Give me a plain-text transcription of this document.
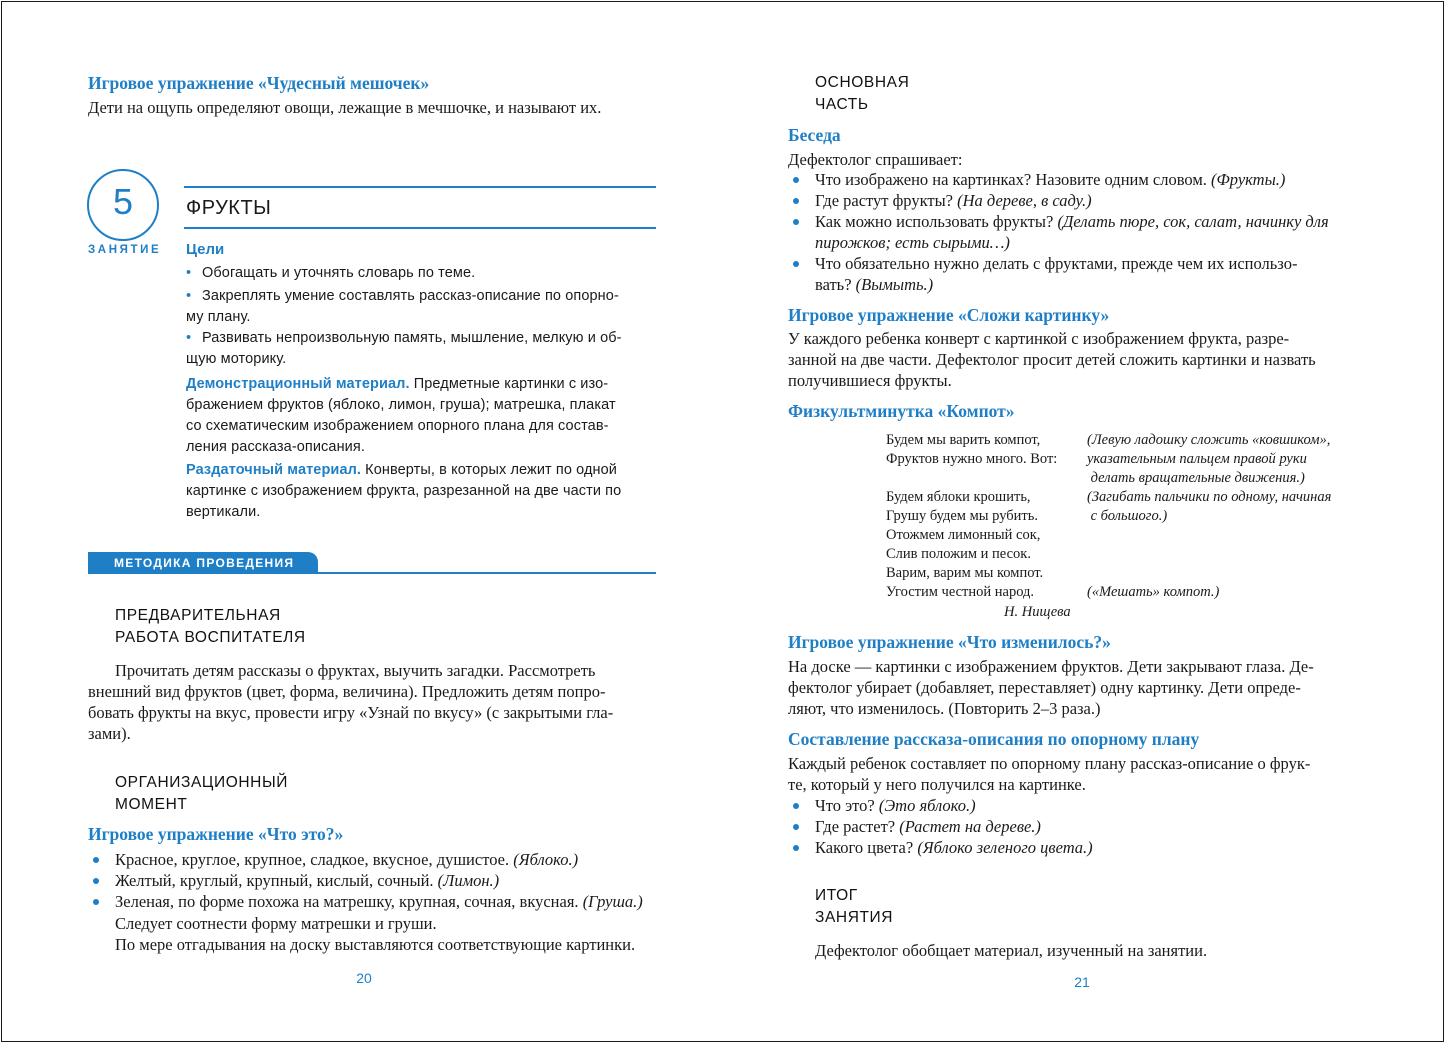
Игровое упражнение «Чудесный мешочек»
Дети на ощупь определяют овощи, лежащие в мечшочке, и называют их.
5
ЗАНЯТИЕ
ФРУКТЫ
Цели
• Обогащать и уточнять словарь по теме.
• Закреплять умение составлять рассказ-описание по опорно-
му плану.
• Развивать непроизвольную память, мышление, мелкую и об-
щую моторику.
Демонстрационный материал. Предметные картинки с изо-
бражением фруктов (яблоко, лимон, груша); матрешка, плакат
со схематическим изображением опорного плана для состав-
ления рассказа-описания.
Раздаточный материал. Конверты, в которых лежит по одной
картинке с изображением фрукта, разрезанной на две части по
вертикали.
МЕТОДИКА ПРОВЕДЕНИЯ
ПРЕДВАРИТЕЛЬНАЯ
РАБОТА ВОСПИТАТЕЛЯ
Прочитать детям рассказы о фруктах, выучить загадки. Рассмотреть
внешний вид фруктов (цвет, форма, величина). Предложить детям попро-
бовать фрукты на вкус, провести игру «Узнай по вкусу» (с закрытыми гла-
зами).
ОРГАНИЗАЦИОННЫЙ
МОМЕНТ
Игровое упражнение «Что это?»
Красное, круглое, крупное, сладкое, вкусное, душистое. (Яблоко.)
Желтый, круглый, крупный, кислый, сочный. (Лимон.)
Зеленая, по форме похожа на матрешку, крупная, сочная, вкусная. (Груша.)
Следует соотнести форму матрешки и груши.
По мере отгадывания на доску выставляются соответствующие картинки.
20
ОСНОВНАЯ
ЧАСТЬ
Беседа
Дефектолог спрашивает:
Что изображено на картинках? Назовите одним словом. (Фрукты.)
Где растут фрукты? (На дереве, в саду.)
Как можно использовать фрукты? (Делать пюре, сок, салат, начинку для
пирожков; есть сырыми…)
Что обязательно нужно делать с фруктами, прежде чем их использо-
вать? (Вымыть.)
Игровое упражнение «Сложи картинку»
У каждого ребенка конверт с картинкой с изображением фрукта, разре-
занной на две части. Дефектолог просит детей сложить картинки и назвать
получившиеся фрукты.
Физкультминутка «Компот»
Будем мы варить компот,
Фруктов нужно много. Вот:
Будем яблоки крошить,
Грушу будем мы рубить.
Отожмем лимонный сок,
Слив положим и песок.
Варим, варим мы компот.
Угостим честной народ.
(Левую ладошку сложить «ковшиком»,
указательным пальцем правой руки
делать вращательные движения.)
(Загибать пальчики по одному, начиная
с большого.)
(«Мешать» компот.)
Н. Нищева
Игровое упражнение «Что изменилось?»
На доске — картинки с изображением фруктов. Дети закрывают глаза. Де-
фектолог убирает (добавляет, переставляет) одну картинку. Дети опреде-
ляют, что изменилось. (Повторить 2–3 раза.)
Составление рассказа-описания по опорному плану
Каждый ребенок составляет по опорному плану рассказ-описание о фрук-
те, который у него получился на картинке.
Что это? (Это яблоко.)
Где растет? (Растет на дереве.)
Какого цвета? (Яблоко зеленого цвета.)
ИТОГ
ЗАНЯТИЯ
Дефектолог обобщает материал, изученный на занятии.
21
